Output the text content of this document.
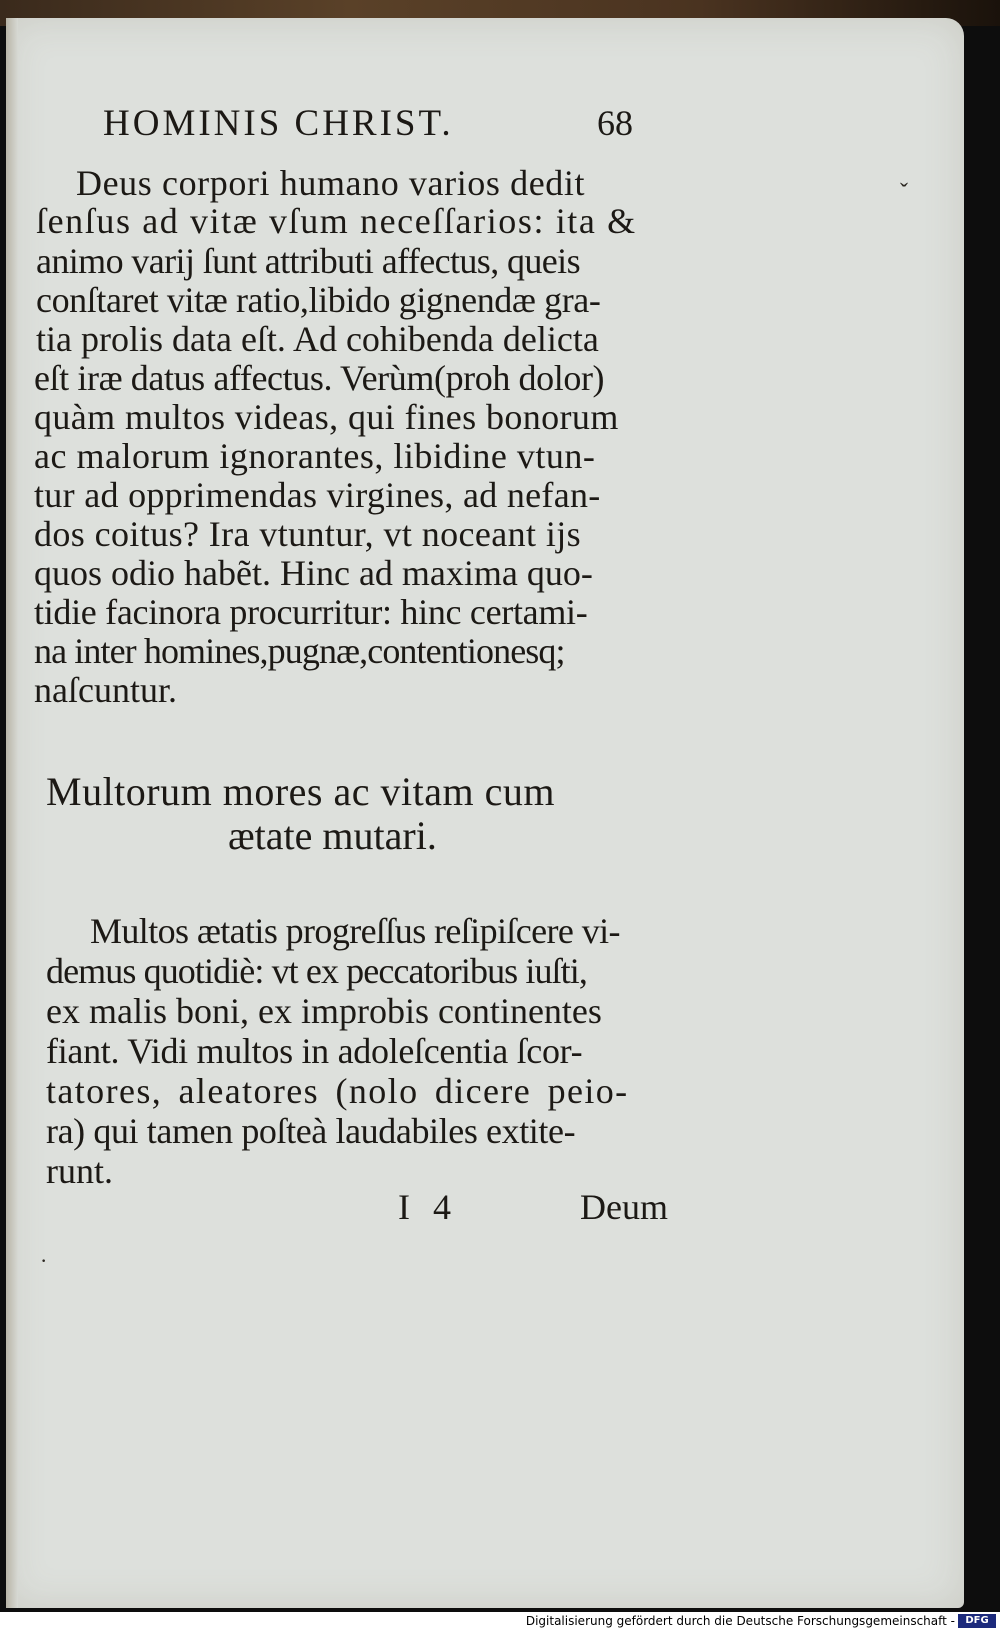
HOMINIS CHRIST.	68
Deus corpori humano varios dedit
ſenſus ad vitæ vſum neceſſarios: ita &
animo varij ſunt attributi affectus, queis
conſtaret vitæ ratio,libido gignendæ gra-
tia prolis data eſt. Ad cohibenda delicta
eſt iræ datus affectus. Verùm(proh dolor)
quàm multos videas, qui fines bonorum
ac malorum ignorantes, libidine vtun-
tur ad opprimendas virgines, ad nefan-
dos coitus? Ira vtuntur, vt noceant ijs
quos odio habẽt. Hinc ad maxima quo-
tidie facinora procurritur: hinc certami-
na inter homines,pugnæ,contentionesq;
naſcuntur.
Multorum mores ac vitam cum
ætate mutari.
Multos ætatis progreſſus reſipiſcere vi-
demus quotidiè: vt ex peccatoribus iuſti,
ex malis boni, ex improbis continentes
fiant. Vidi multos in adoleſcentia ſcor-
tatores, aleatores (nolo dicere peio-
ra) qui tamen poſteà laudabiles extite-
runt.
I 4	Deum
ˇ
·
Digitalisierung gefördert durch die Deutsche Forschungsgemeinschaft -	DFG
